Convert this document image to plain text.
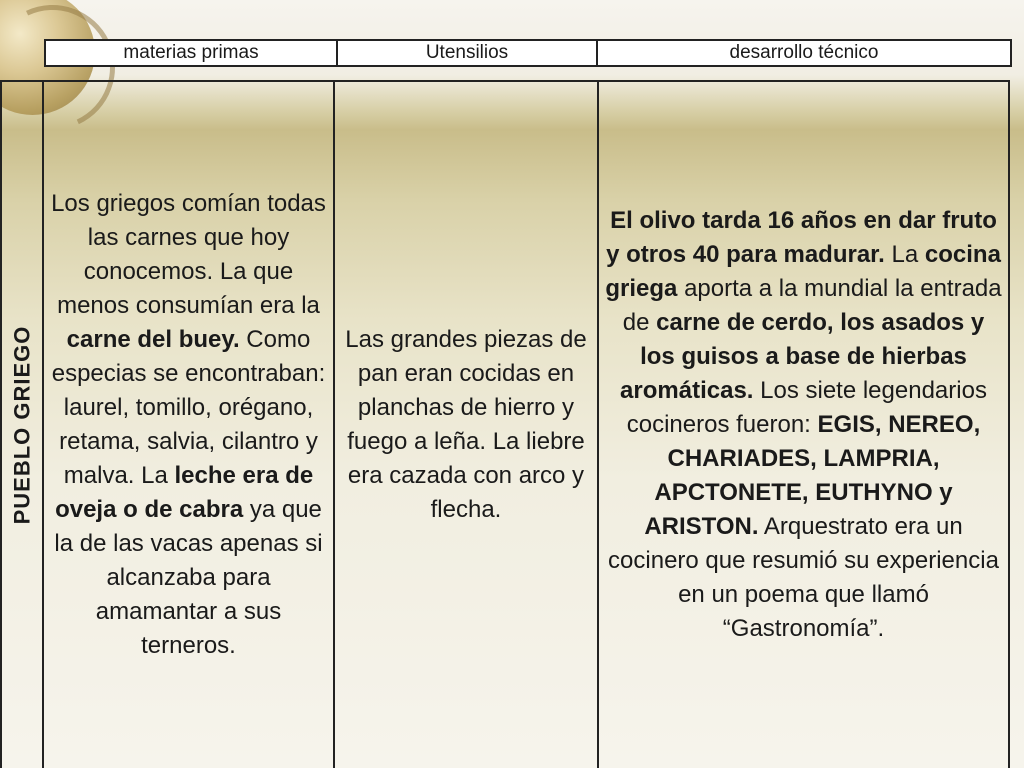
materias primas	Utensilios	desarrollo técnico
PUEBLO GRIEGO

Los griegos comían todas las carnes que hoy conocemos. La que menos consumían era la carne del buey. Como especias se encontraban: laurel, tomillo, orégano, retama, salvia, cilantro y malva. La leche era de oveja o de cabra ya que la de las vacas apenas si alcanzaba para amamantar a sus terneros.

Las grandes piezas de pan eran cocidas en planchas de hierro y fuego a leña. La liebre era cazada con arco y flecha.

El olivo tarda 16 años en dar fruto y otros 40 para madurar. La cocina griega aporta a la mundial la entrada de carne de cerdo, los asados y los guisos a base de hierbas aromáticas. Los siete legendarios cocineros fueron: EGIS, NEREO, CHARIADES, LAMPRIA, APCTONETE, EUTHYNO y ARISTON. Arquestrato era un cocinero que resumió su experiencia en un poema que llamó “Gastronomía”.
